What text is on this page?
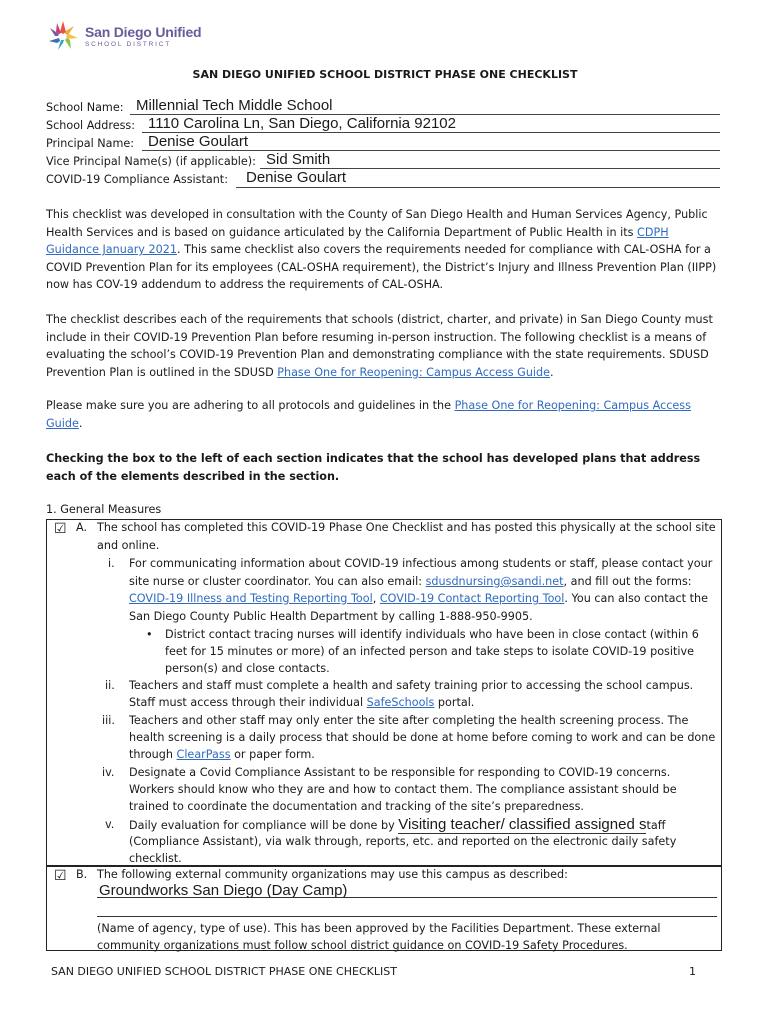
San Diego Unified
SCHOOL DISTRICT
SAN DIEGO UNIFIED SCHOOL DISTRICT PHASE ONE CHECKLIST
School Name: Millennial Tech Middle School
School Address: 1110 Carolina Ln, San Diego, California 92102
Principal Name: Denise Goulart
Vice Principal Name(s) (if applicable): Sid Smith
COVID-19 Compliance Assistant: Denise Goulart
This checklist was developed in consultation with the County of San Diego Health and Human Services Agency, Public Health Services and is based on guidance articulated by the California Department of Public Health in its CDPH Guidance January 2021. This same checklist also covers the requirements needed for compliance with CAL-OSHA for a COVID Prevention Plan for its employees (CAL-OSHA requirement), the District’s Injury and Illness Prevention Plan (IIPP) now has COV-19 addendum to address the requirements of CAL-OSHA.
The checklist describes each of the requirements that schools (district, charter, and private) in San Diego County must include in their COVID-19 Prevention Plan before resuming in-person instruction. The following checklist is a means of evaluating the school’s COVID-19 Prevention Plan and demonstrating compliance with the state requirements. SDUSD Prevention Plan is outlined in the SDUSD Phase One for Reopening: Campus Access Guide.
Please make sure you are adhering to all protocols and guidelines in the Phase One for Reopening: Campus Access Guide.
Checking the box to the left of each section indicates that the school has developed plans that address each of the elements described in the section.
1. General Measures
☑ A. The school has completed this COVID-19 Phase One Checklist and has posted this physically at the school site
and online.
i. For communicating information about COVID-19 infectious among students or staff, please contact your
site nurse or cluster coordinator. You can also email: sdusdnursing@sandi.net, and fill out the forms:
COVID-19 Illness and Testing Reporting Tool, COVID-19 Contact Reporting Tool. You can also contact the
San Diego County Public Health Department by calling 1-888-950-9905.
• District contact tracing nurses will identify individuals who have been in close contact (within 6
feet for 15 minutes or more) of an infected person and take steps to isolate COVID-19 positive
person(s) and close contacts.
ii. Teachers and staff must complete a health and safety training prior to accessing the school campus.
Staff must access through their individual SafeSchools portal.
iii. Teachers and other staff may only enter the site after completing the health screening process. The
health screening is a daily process that should be done at home before coming to work and can be done
through ClearPass or paper form.
iv. Designate a Covid Compliance Assistant to be responsible for responding to COVID-19 concerns.
Workers should know who they are and how to contact them. The compliance assistant should be
trained to coordinate the documentation and tracking of the site’s preparedness.
v. Daily evaluation for compliance will be done by Visiting teacher/ classified assigned staff
(Compliance Assistant), via walk through, reports, etc. and reported on the electronic daily safety
checklist.
☑ B. The following external community organizations may use this campus as described:
Groundworks San Diego (Day Camp)
(Name of agency, type of use). This has been approved by the Facilities Department. These external
community organizations must follow school district guidance on COVID-19 Safety Procedures.
SAN DIEGO UNIFIED SCHOOL DISTRICT PHASE ONE CHECKLIST	1
